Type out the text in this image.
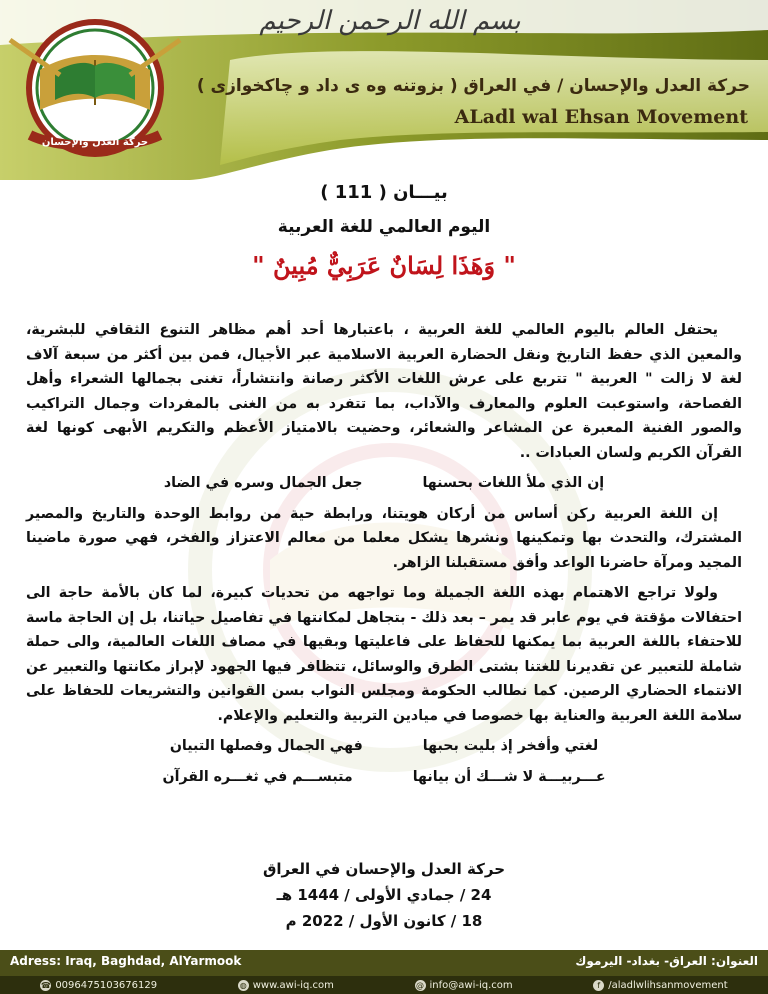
بسم الله الرحمن الرحيم
حركة العدل والإحسان / في العراق ( بزوتنه وه ى داد و چاكخوازى )
ALadl wal Ehsan Movement
حركة العدل والإحسان
بيـــان ( 111 )
اليوم العالمي للغة العربية
" وَهَذَا لِسَانٌ عَرَبِيٌّ مُبِينٌ "

يحتفل العالم باليوم العالمي للغة العربية ، باعتبارها أحد أهم مظاهر التنوع الثقافي للبشرية، والمعين الذي حفظ التاريخ ونقل الحضارة العربية الاسلامية عبر الأجيال، فمن بين أكثر من سبعة آلاف لغة لا زالت " العربية " تتربع على عرش اللغات الأكثر رصانة وانتشاراً، تغنى بجمالها الشعراء وأهل الفصاحة، واستوعبت العلوم والمعارف والآداب، بما تتفرد به من الغنى بالمفردات وجمال التراكيب والصور الفنية المعبرة عن المشاعر والشعائر، وحضيت بالامتياز الأعظم والتكريم الأبهى كونها لغة القرآن الكريم ولسان العبادات ..

إن الذي ملأ اللغات بحسنها
جعل الجمال وسره في الضاد

إن اللغة العربية ركن أساس من أركان هويتنا، ورابطة حية من روابط الوحدة والتاريخ والمصير المشترك، والتحدث بها وتمكينها ونشرها يشكل معلما من معالم الاعتزاز والفخر، فهي صورة ماضينا المجيد ومرآة حاضرنا الواعد وأفق مستقبلنا الزاهر.

ولولا تراجع الاهتمام بهذه اللغة الجميلة وما تواجهه من تحديات كبيرة، لما كان بالأمة حاجة الى احتفالات مؤقتة في يوم عابر قد يمر – بعد ذلك - بتجاهل لمكانتها في تفاصيل حياتنا، بل إن الحاجة ماسة للاحتفاء باللغة العربية بما يمكنها للحفاظ على فاعليتها وبقيها في مصاف اللغات العالمية، والى حملة شاملة للتعبير عن تقديرنا للغتنا بشتى الطرق والوسائل، تتظافر فيها الجهود لإبراز مكانتها والتعبير عن الانتماء الحضاري الرصين. كما نطالب الحكومة ومجلس النواب بسن القوانين والتشريعات للحفاظ على سلامة اللغة العربية والعناية بها خصوصا في ميادين التربية والتعليم والإعلام.

لغتي وأفخر إذ بليت بحبها
فهي الجمال وفصلها التبيان
عـــربيـــة لا شـــك أن بيانها
متبســـم في ثغـــره القرآن
حركة العدل والإحسان في العراق
24 / جمادي الأولى / 1444 هـ
18 / كانون الأول / 2022 م
Adress: Iraq, Baghdad, AlYarmook	العنوان: العراق- بغداد- اليرموك
☎ 00964751036761​29	◍ www.awi-iq.com	@ info@awi-iq.com	f /aladlwlihsanmovement
